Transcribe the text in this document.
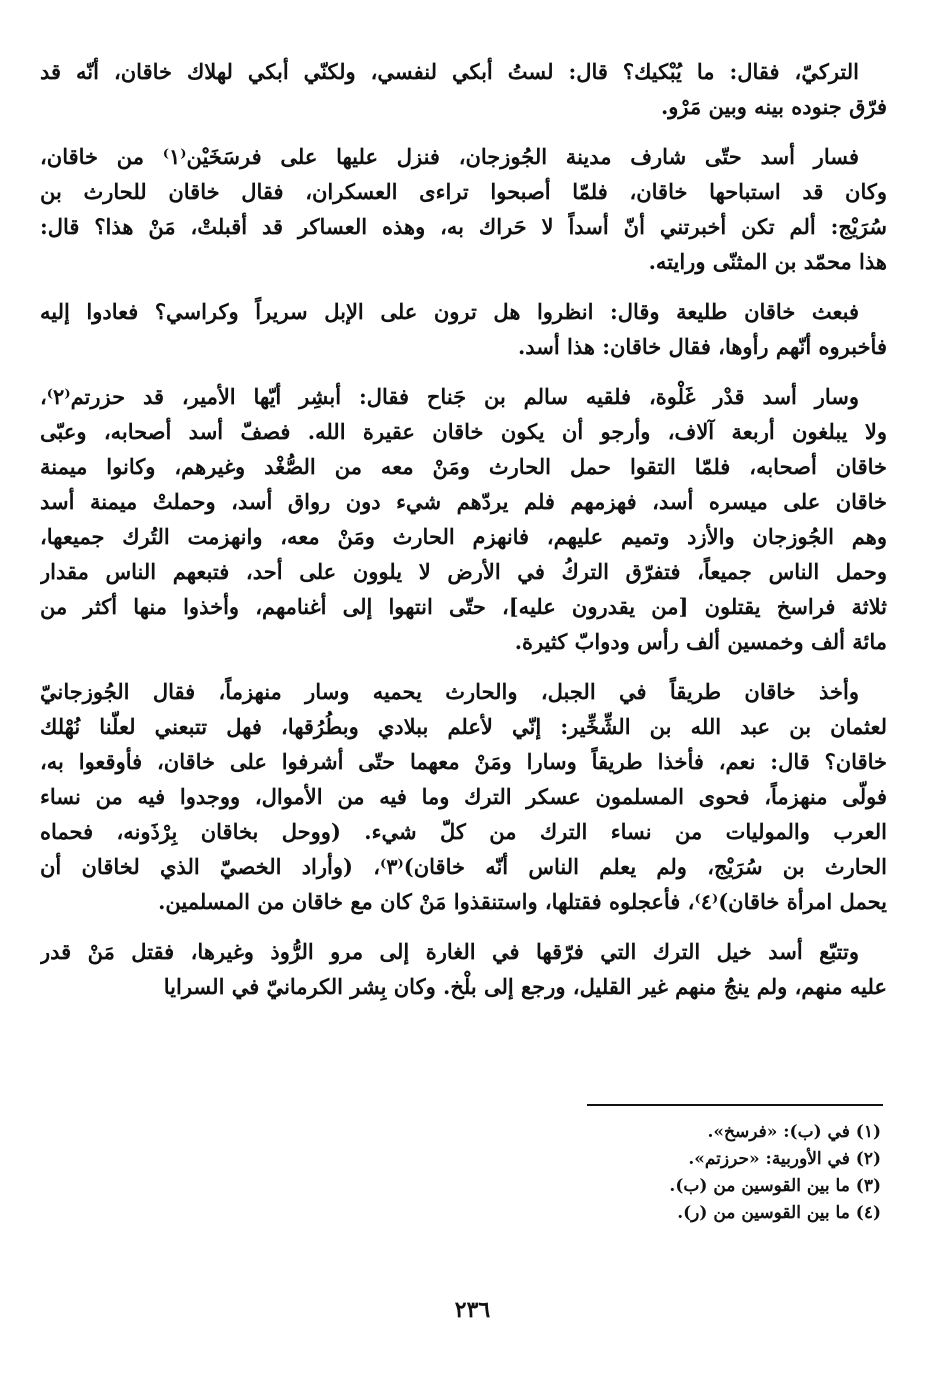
التركيّ، فقال: ما يُبْكيك؟ قال: لستُ أبكي لنفسي، ولكنّي أبكي لهلاك خاقان، أنّه قد
فرّق جنوده بينه وبين مَرْو.
فسار أسد حتّى شارف مدينة الجُوزجان، فنزل عليها على فرسَخَيْن⁽١⁾ من خاقان،
وكان قد استباحها خاقان، فلمّا أصبحوا تراءى العسكران، فقال خاقان للحارث بن
سُرَيْج: ألم تكن أخبرتني أنّ أسداً لا حَراك به، وهذه العساكر قد أقبلتْ، مَنْ هذا؟ قال:
هذا محمّد بن المثنّى ورايته.
فبعث خاقان طليعة وقال: انظروا هل ترون على الإبل سريراً وكراسي؟ فعادوا إليه
فأخبروه أنّهم رأوها، فقال خاقان: هذا أسد.
وسار أسد قدْر غَلْوة، فلقيه سالم بن جَناح فقال: أبشِر أيّها الأمير، قد حزرتم⁽٢⁾،
ولا يبلغون أربعة آلاف، وأرجو أن يكون خاقان عقيرة الله. فصفّ أسد أصحابه، وعبّى
خاقان أصحابه، فلمّا التقوا حمل الحارث ومَنْ معه من الصُّغْد وغيرهم، وكانوا ميمنة
خاقان على ميسره أسد، فهزمهم فلم يردّهم شيء دون رواق أسد، وحملتْ ميمنة أسد
وهم الجُوزجان والأزد وتميم عليهم، فانهزم الحارث ومَنْ معه، وانهزمت التُرك جميعها،
وحمل الناس جميعاً، فتفرّق التركُ في الأرض لا يلوون على أحد، فتبعهم الناس مقدار
ثلاثة فراسخ يقتلون [من يقدرون عليه]، حتّى انتهوا إلى أغنامهم، وأخذوا منها أكثر من
مائة ألف وخمسين ألف رأس ودوابّ كثيرة.
وأخذ خاقان طريقاً في الجبل، والحارث يحميه وسار منهزماً، فقال الجُوزجانيّ
لعثمان بن عبد الله بن الشِّخِّير: إنّي لأعلم ببلادي وبطُرُقها، فهل تتبعني لعلّنا نُهْلك
خاقان؟ قال: نعم، فأخذا طريقاً وسارا ومَنْ معهما حتّى أشرفوا على خاقان، فأوقعوا به،
فولّى منهزماً، فحوى المسلمون عسكر الترك وما فيه من الأموال، ووجدوا فيه من نساء
العرب والموليات من نساء الترك من كلّ شيء. (ووحل بخاقان بِرْذَونه، فحماه
الحارث بن سُرَيْج، ولم يعلم الناس أنّه خاقان)⁽٣⁾، (وأراد الخصيّ الذي لخاقان أن
يحمل امرأة خاقان)⁽٤⁾، فأعجلوه فقتلها، واستنقذوا مَنْ كان مع خاقان من المسلمين.
وتتبّع أسد خيل الترك التي فرّقها في الغارة إلى مرو الرُّوذ وغيرها، فقتل مَنْ قدر
عليه منهم، ولم ينجُ منهم غير القليل، ورجع إلى بلْخ. وكان بِشر الكرمانيّ في السرايا
(١) في (ب): «فرسخ».
(٢) في الأوربية: «حرزتم».
(٣) ما بين القوسين من (ب).
(٤) ما بين القوسين من (ر).
٢٣٦
